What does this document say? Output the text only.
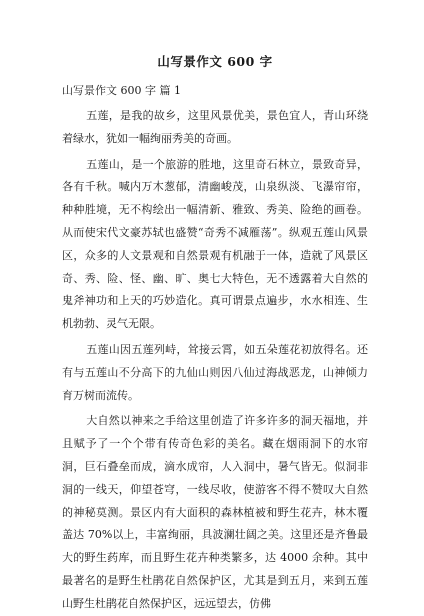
山写景作文 600 字
山写景作文 600 字 篇 1

五莲，是我的故乡，这里风景优美，景色宜人，青山环绕着绿水，犹如一幅绚丽秀美的奇画。

五莲山，是一个旅游的胜地，这里奇石林立，景致奇异，各有千秋。喊内万木葱郁，清幽峻茂，山泉纵淡、飞瀑帘帘，种种胜境，无不构绘出一幅清新、雅致、秀美、险绝的画卷。从而使宋代文豪苏轼也盛赞“奇秀不减雁荡”。纵观五莲山风景区，众多的人文景观和自然景观有机融于一体，造就了风景区奇、秀、险、怪、幽、旷、奥七大特色，无不透露着大自然的鬼斧神功和上天的巧妙造化。真可谓景点遍步，水水相连、生机勃勃、灵气无限。

五莲山因五莲列峙，耸接云霄，如五朵莲花初放得名。还有与五莲山不分高下的九仙山则因八仙过海战恶龙，山神倾力育万树而流传。

大自然以神来之手给这里创造了许多许多的洞天福地，并且赋予了一个个带有传奇色彩的美名。藏在烟雨洞下的水帘洞，巨石叠垒而成，滴水成帘，人入洞中，暑气皆无。似洞非洞的一线天，仰望苍穹，一线尽收，使游客不得不赞叹大自然的神秘莫测。景区内有大面积的森林植被和野生花卉，林木覆盖达 70%以上，丰富绚丽，具波澜壮阔之美。这里还是齐鲁最大的野生药库，而且野生花卉种类繁多，达 4000 余种。其中最著名的是野生杜鹃花自然保护区，尤其是到五月，来到五莲山野生杜鹃花自然保护区，远远望去，仿佛
